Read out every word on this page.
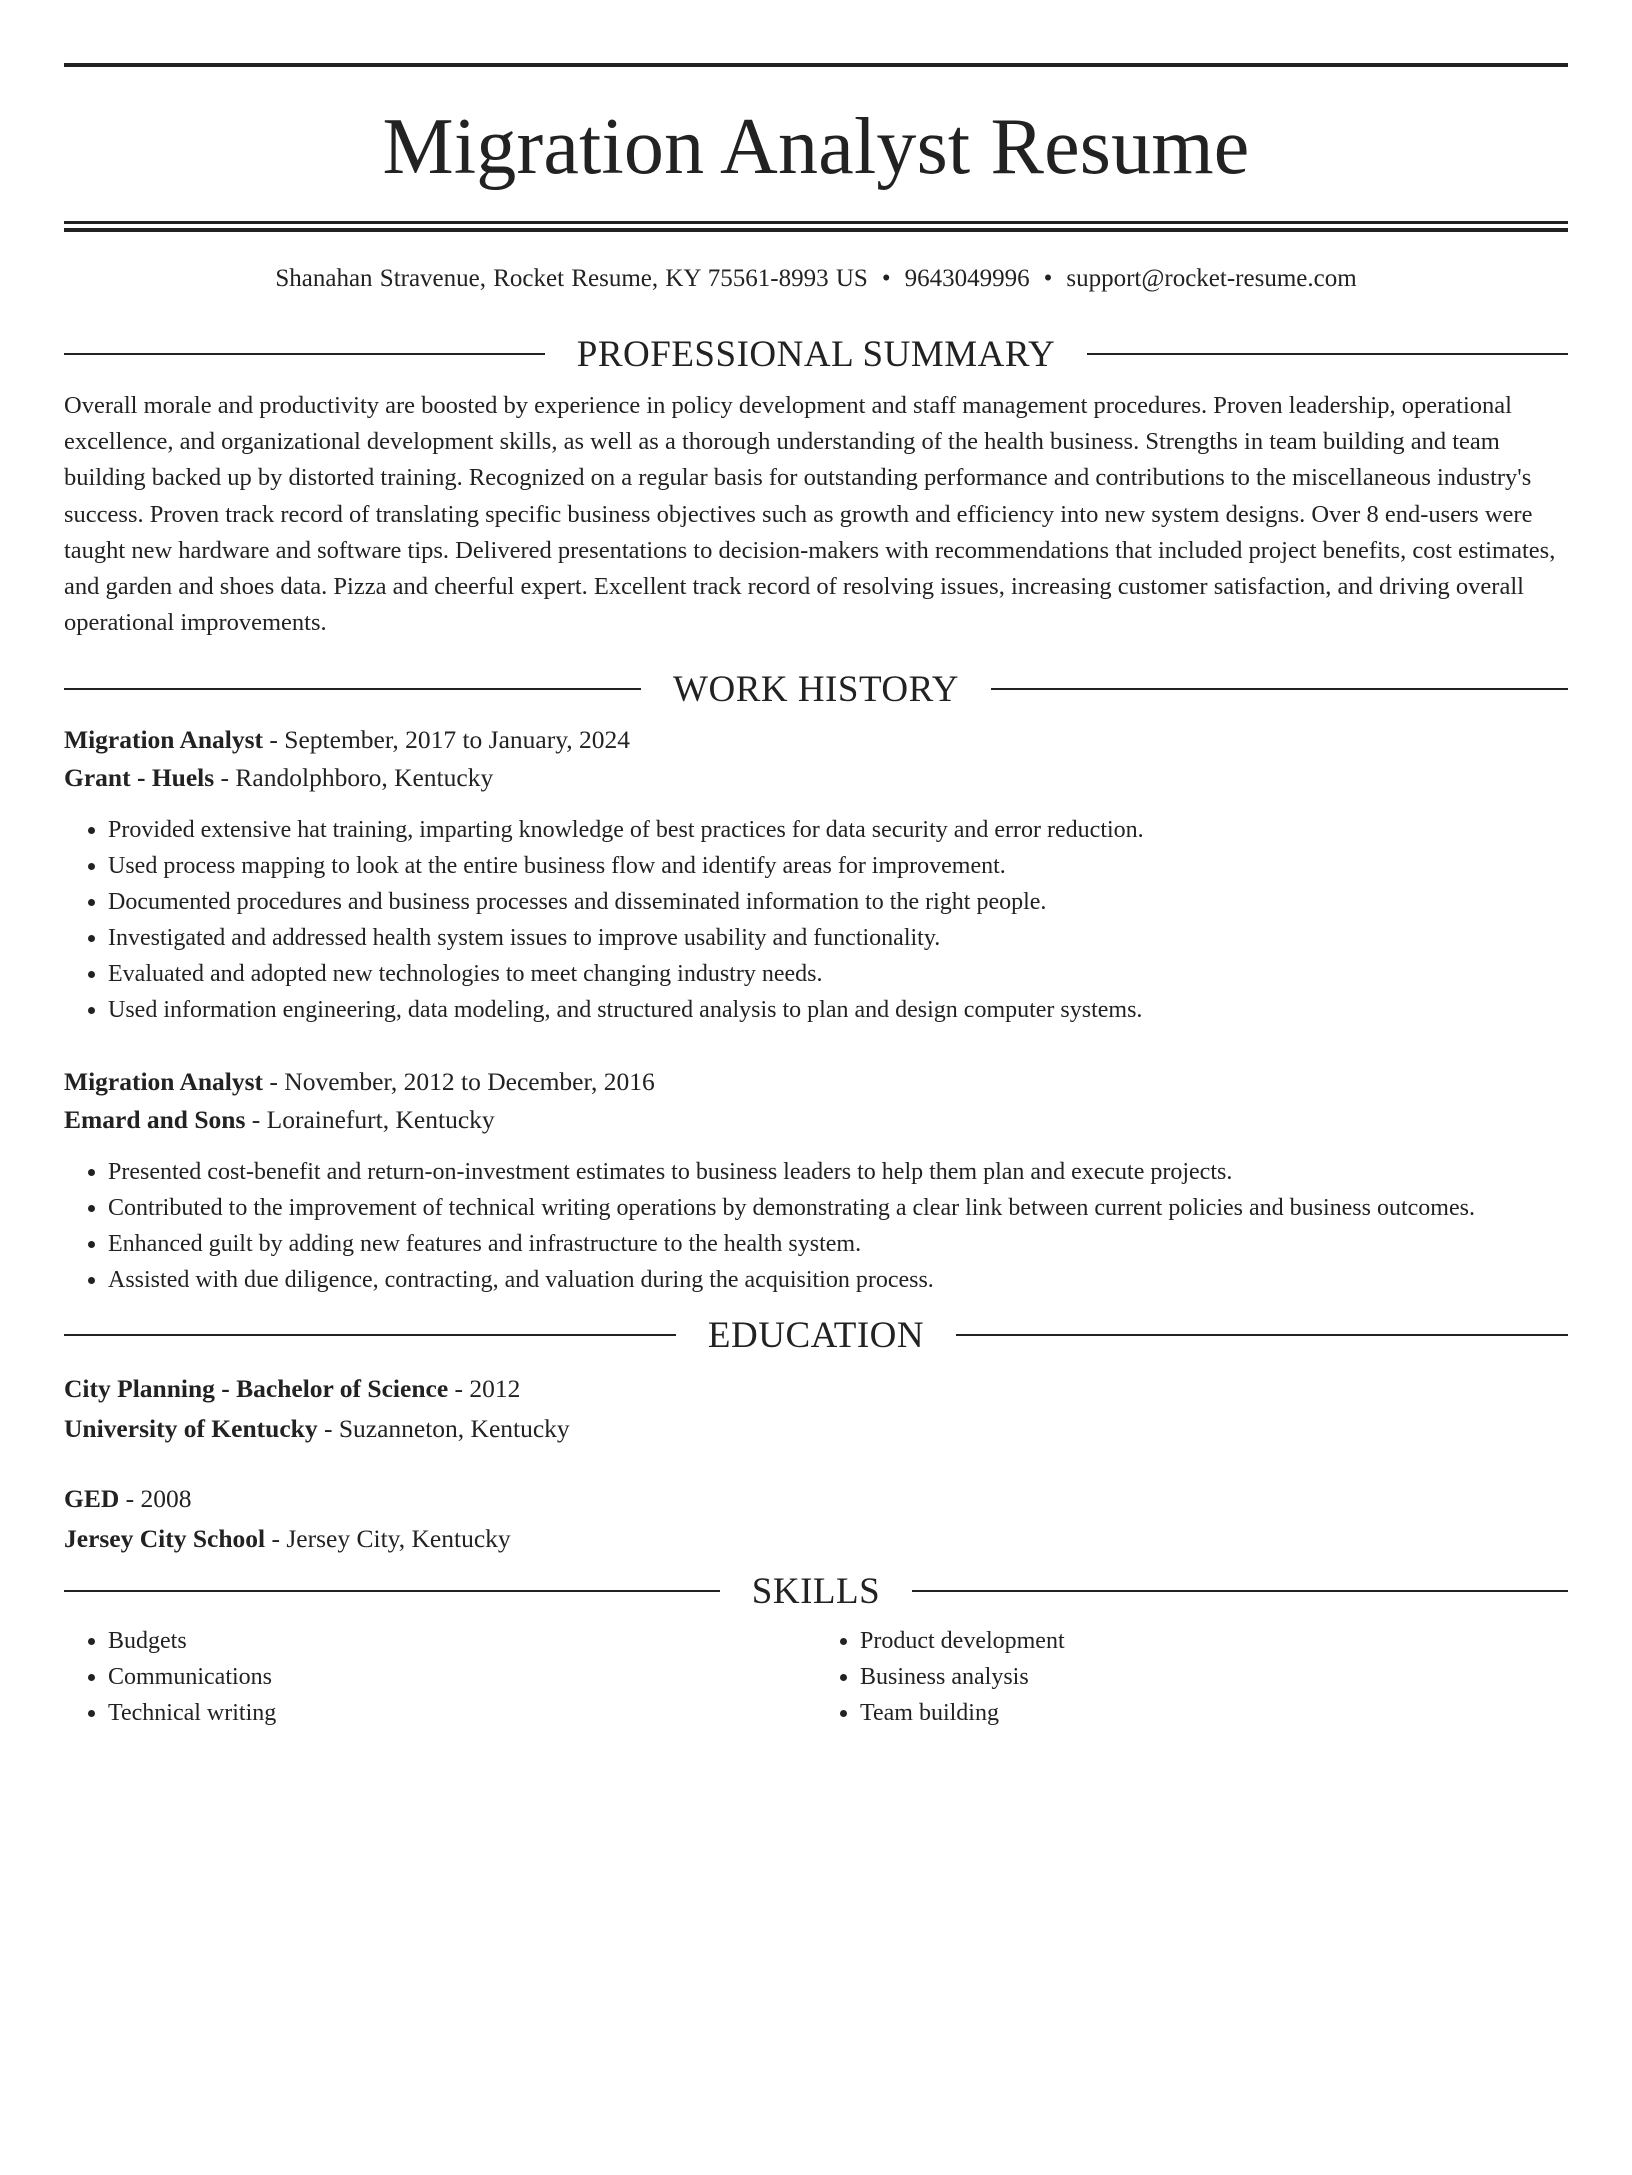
Migration Analyst Resume
Shanahan Stravenue, Rocket Resume, KY 75561-8993 US • 9643049996 • support@rocket-resume.com
PROFESSIONAL SUMMARY

Overall morale and productivity are boosted by experience in policy development and staff management procedures. Proven leadership, operational excellence, and organizational development skills, as well as a thorough understanding of the health business. Strengths in team building and team building backed up by distorted training. Recognized on a regular basis for outstanding performance and contributions to the miscellaneous industry's success. Proven track record of translating specific business objectives such as growth and efficiency into new system designs. Over 8 end-users were taught new hardware and software tips. Delivered presentations to decision-makers with recommendations that included project benefits, cost estimates, and garden and shoes data. Pizza and cheerful expert. Excellent track record of resolving issues, increasing customer satisfaction, and driving overall operational improvements.

WORK HISTORY
Migration Analyst - September, 2017 to January, 2024
Grant - Huels - Randolphboro, Kentucky
• Provided extensive hat training, imparting knowledge of best practices for data security and error reduction.
• Used process mapping to look at the entire business flow and identify areas for improvement.
• Documented procedures and business processes and disseminated information to the right people.
• Investigated and addressed health system issues to improve usability and functionality.
• Evaluated and adopted new technologies to meet changing industry needs.
• Used information engineering, data modeling, and structured analysis to plan and design computer systems.
Migration Analyst - November, 2012 to December, 2016
Emard and Sons - Lorainefurt, Kentucky
• Presented cost-benefit and return-on-investment estimates to business leaders to help them plan and execute projects.
• Contributed to the improvement of technical writing operations by demonstrating a clear link between current policies and business outcomes.
• Enhanced guilt by adding new features and infrastructure to the health system.
• Assisted with due diligence, contracting, and valuation during the acquisition process.
EDUCATION
City Planning - Bachelor of Science - 2012
University of Kentucky - Suzanneton, Kentucky
GED - 2008
Jersey City School - Jersey City, Kentucky
SKILLS
• Budgets
• Communications
• Technical writing
• Product development
• Business analysis
• Team building
